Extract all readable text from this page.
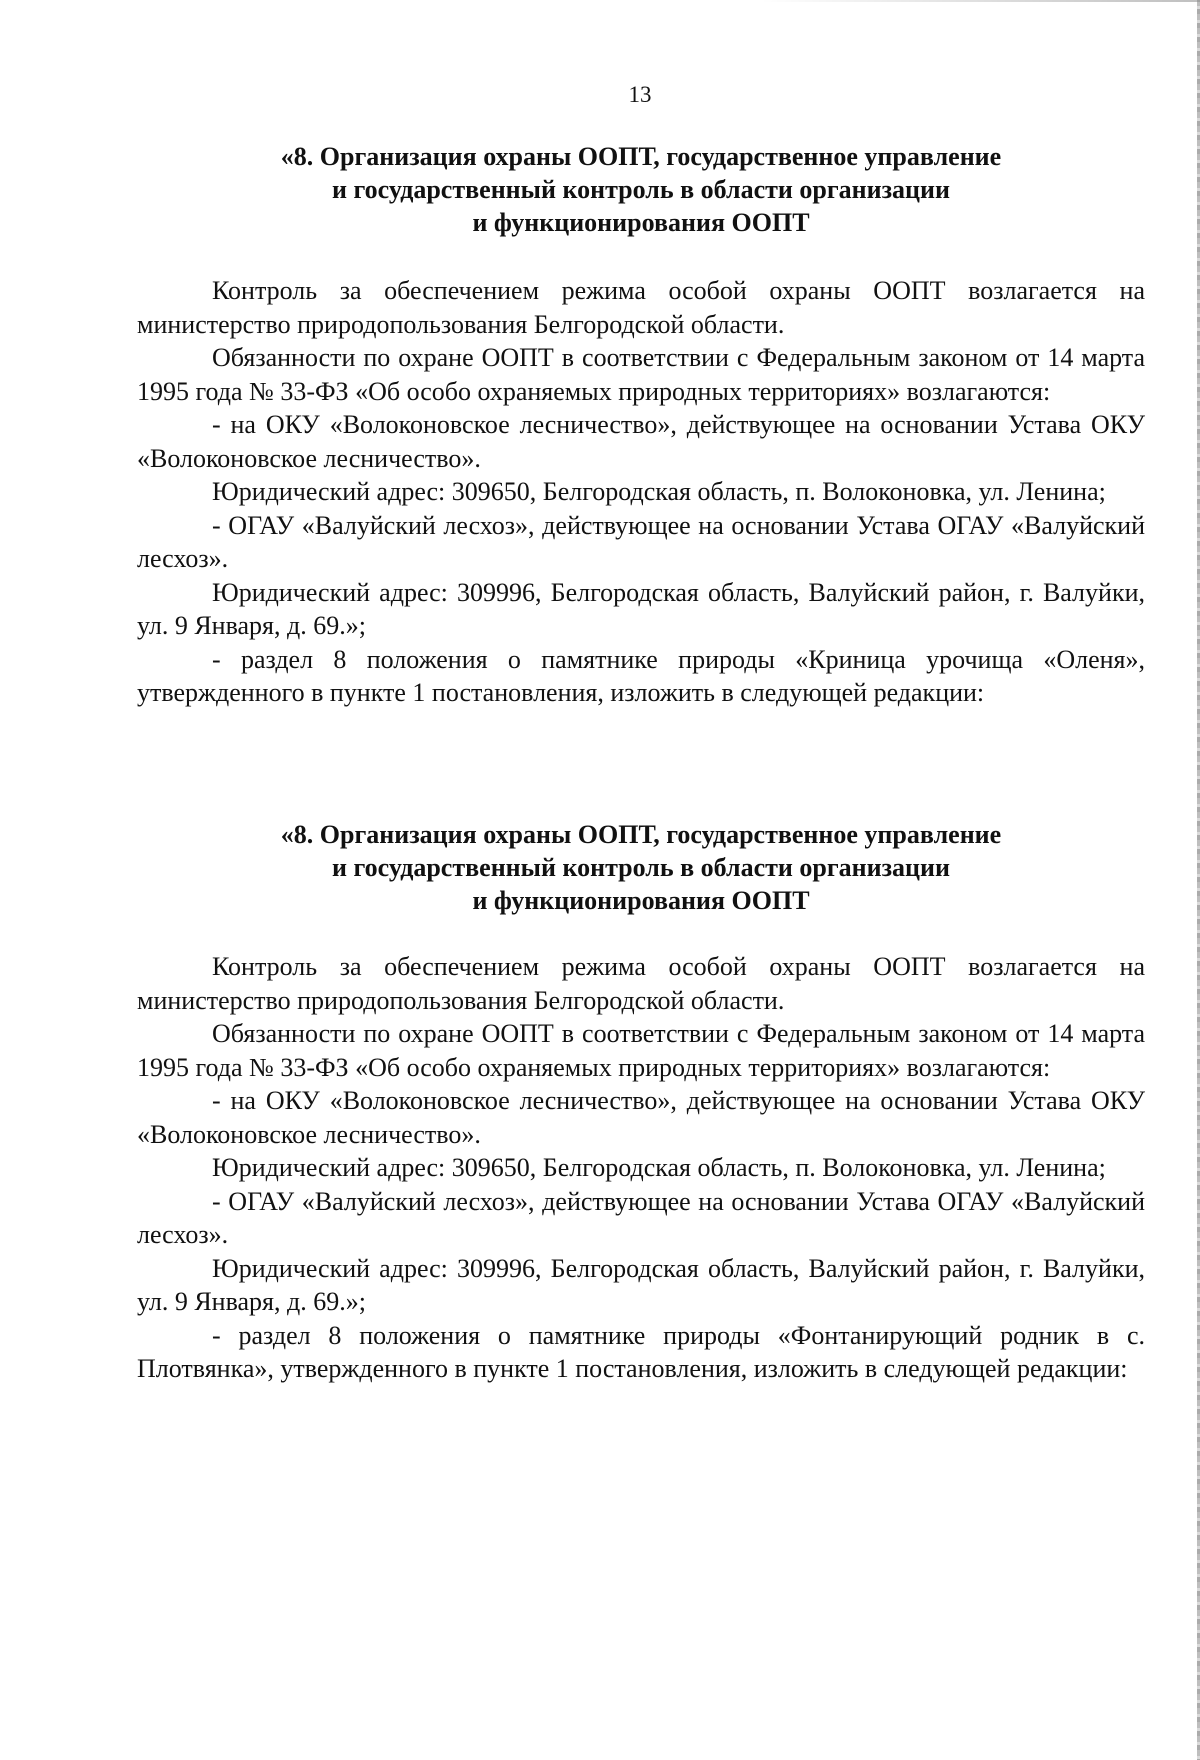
13
«8. Организация охраны ООПТ, государственное управление
и государственный контроль в области организации
и функционирования ООПТ

Контроль за обеспечением режима особой охраны ООПТ возлагается на министерство природопользования Белгородской области.

Обязанности по охране ООПТ в соответствии с Федеральным законом от 14 марта 1995 года № 33-ФЗ «Об особо охраняемых природных территориях» возлагаются:

- на ОКУ «Волоконовское лесничество», действующее на основании Устава ОКУ «Волоконовское лесничество».

Юридический адрес: 309650, Белгородская область, п. Волоконовка, ул. Ленина;

- ОГАУ «Валуйский лесхоз», действующее на основании Устава ОГАУ «Валуйский лесхоз».

Юридический адрес: 309996, Белгородская область, Валуйский район, г. Валуйки, ул. 9 Января, д. 69.»;

- раздел 8 положения о памятнике природы «Криница урочища «Оленя», утвержденного в пункте 1 постановления, изложить в следующей редакции:

«8. Организация охраны ООПТ, государственное управление
и государственный контроль в области организации
и функционирования ООПТ

Контроль за обеспечением режима особой охраны ООПТ возлагается на министерство природопользования Белгородской области.

Обязанности по охране ООПТ в соответствии с Федеральным законом от 14 марта 1995 года № 33-ФЗ «Об особо охраняемых природных территориях» возлагаются:

- на ОКУ «Волоконовское лесничество», действующее на основании Устава ОКУ «Волоконовское лесничество».

Юридический адрес: 309650, Белгородская область, п. Волоконовка, ул. Ленина;

- ОГАУ «Валуйский лесхоз», действующее на основании Устава ОГАУ «Валуйский лесхоз».

Юридический адрес: 309996, Белгородская область, Валуйский район, г. Валуйки, ул. 9 Января, д. 69.»;

- раздел 8 положения о памятнике природы «Фонтанирующий родник в с. Плотвянка», утвержденного в пункте 1 постановления, изложить в следующей редакции:
